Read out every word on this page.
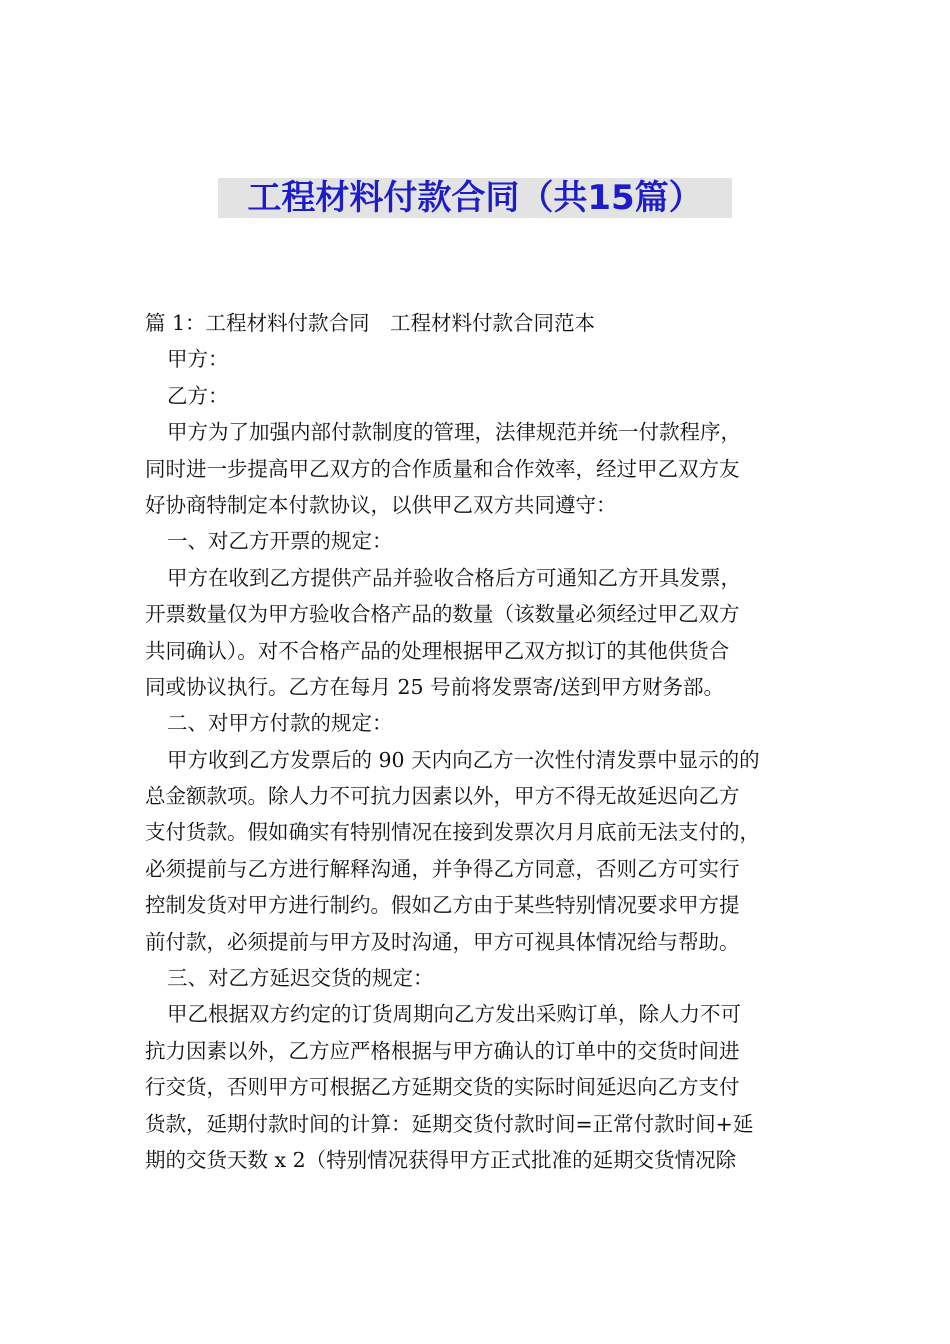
工程材料付款合同（共15篇）
篇 1：工程材料付款合同　工程材料付款合同范本
甲方：
乙方：
甲方为了加强内部付款制度的管理，法律规范并统一付款程序，
同时进一步提高甲乙双方的合作质量和合作效率，经过甲乙双方友
好协商特制定本付款协议，以供甲乙双方共同遵守：
一、对乙方开票的规定：
甲方在收到乙方提供产品并验收合格后方可通知乙方开具发票，
开票数量仅为甲方验收合格产品的数量（该数量必须经过甲乙双方
共同确认）。对不合格产品的处理根据甲乙双方拟订的其他供货合
同或协议执行。乙方在每月 25 号前将发票寄/送到甲方财务部。
二、对甲方付款的规定：
甲方收到乙方发票后的 90 天内向乙方一次性付清发票中显示的的
总金额款项。除人力不可抗力因素以外，甲方不得无故延迟向乙方
支付货款。假如确实有特别情况在接到发票次月月底前无法支付的，
必须提前与乙方进行解释沟通，并争得乙方同意，否则乙方可实行
控制发货对甲方进行制约。假如乙方由于某些特别情况要求甲方提
前付款，必须提前与甲方及时沟通，甲方可视具体情况给与帮助。
三、对乙方延迟交货的规定：
甲乙根据双方约定的订货周期向乙方发出采购订单，除人力不可
抗力因素以外，乙方应严格根据与甲方确认的订单中的交货时间进
行交货，否则甲方可根据乙方延期交货的实际时间延迟向乙方支付
货款，延期付款时间的计算：延期交货付款时间=正常付款时间+延
期的交货天数 x 2（特别情况获得甲方正式批准的延期交货情况除
